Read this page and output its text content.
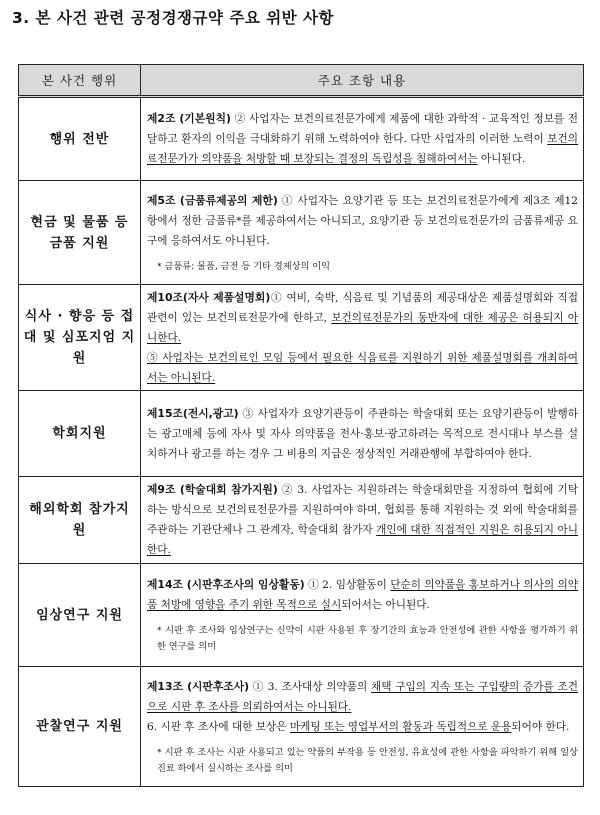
3. 본 사건 관련 공정경쟁규약 주요 위반 사항
본 사건 행위	주요 조항 내용
행위 전반	제2조 (기본원칙) ② 사업자는 보건의료전문가에게 제품에 대한 과학적 · 교육적인 정보를 전달하고 환자의 이익을 극대화하기 위해 노력하여야 한다. 다만 사업자의 이러한 노력이 보건의료전문가가 의약품을 처방할 때 보장되는 결정의 독립성을 침해하여서는 아니된다.

현금 및 물품 등 금품 지원	제5조 (금품류제공의 제한) ① 사업자는 요양기관 등 또는 보건의료전문가에게 제3조 제12항에서 정한 금품류*를 제공하여서는 아니되고, 요양기관 등 보건의료전문가의 금품류제공 요구에 응하여서도 아니된다.

* 금품류: 물품, 금전 등 기타 경제상의 이익

식사 · 향응 등 접대 및 심포지엄 지원	제10조(자사 제품설명회)① 여비, 숙박, 식음료 및 기념품의 제공대상은 제품설명회와 직접 관련이 있는 보건의료전문가에 한하고, 보건의료전문가의 동반자에 대한 제공은 허용되지 아니한다.

⑤ 사업자는 보건의료인 모임 등에서 필요한 식음료를 지원하기 위한 제품설명회를 개최하여서는 아니된다.

학회지원	제15조(전시,광고) ③ 사업자가 요양기관등이 주관하는 학술대회 또는 요양기관등이 발행하는 광고매체 등에 자사 및 자사 의약품을 전사·홍보·광고하려는 목적으로 전시대나 부스를 설치하거나 광고를 하는 경우 그 비용의 지급은 정상적인 거래관행에 부합하여야 한다.

해외학회 참가지원	제9조 (학술대회 참가지원) ② 3. 사업자는 지원하려는 학술대회만을 지정하여 협회에 기탁하는 방식으로 보건의료전문가를 지원하여야 하며, 협회를 통해 지원하는 것 외에 학술대회를 주관하는 기관단체나 그 관계자, 학술대회 참가자 개인에 대한 직접적인 지원은 허용되지 아니한다.

임상연구 지원	제14조 (시판후조사의 임상활동) ① 2. 임상활동이 단순히 의약품을 홍보하거나 의사의 의약품 처방에 영향을 주기 위한 목적으로 실시되어서는 아니된다.

* 시판 후 조사와 임상연구는 신약이 시판 사용된 후 장기간의 효능과 안전성에 관한 사항을 평가하기 위한 연구를 의미

관찰연구 지원	제13조 (시판후조사) ① 3. 조사대상 의약품의 채택 구입의 지속 또는 구입량의 증가를 조건으로 시판 후 조사를 의뢰하여서는 아니된다.

6. 시판 후 조사에 대한 보상은 마케팅 또는 영업부서의 활동과 독립적으로 운용되어야 한다.

* 시판 후 조사는 시판 사용되고 있는 약품의 부작용 등 안전성, 유효성에 관한 사항을 파악하기 위해 일상 진료 하에서 실시하는 조사를 의미
